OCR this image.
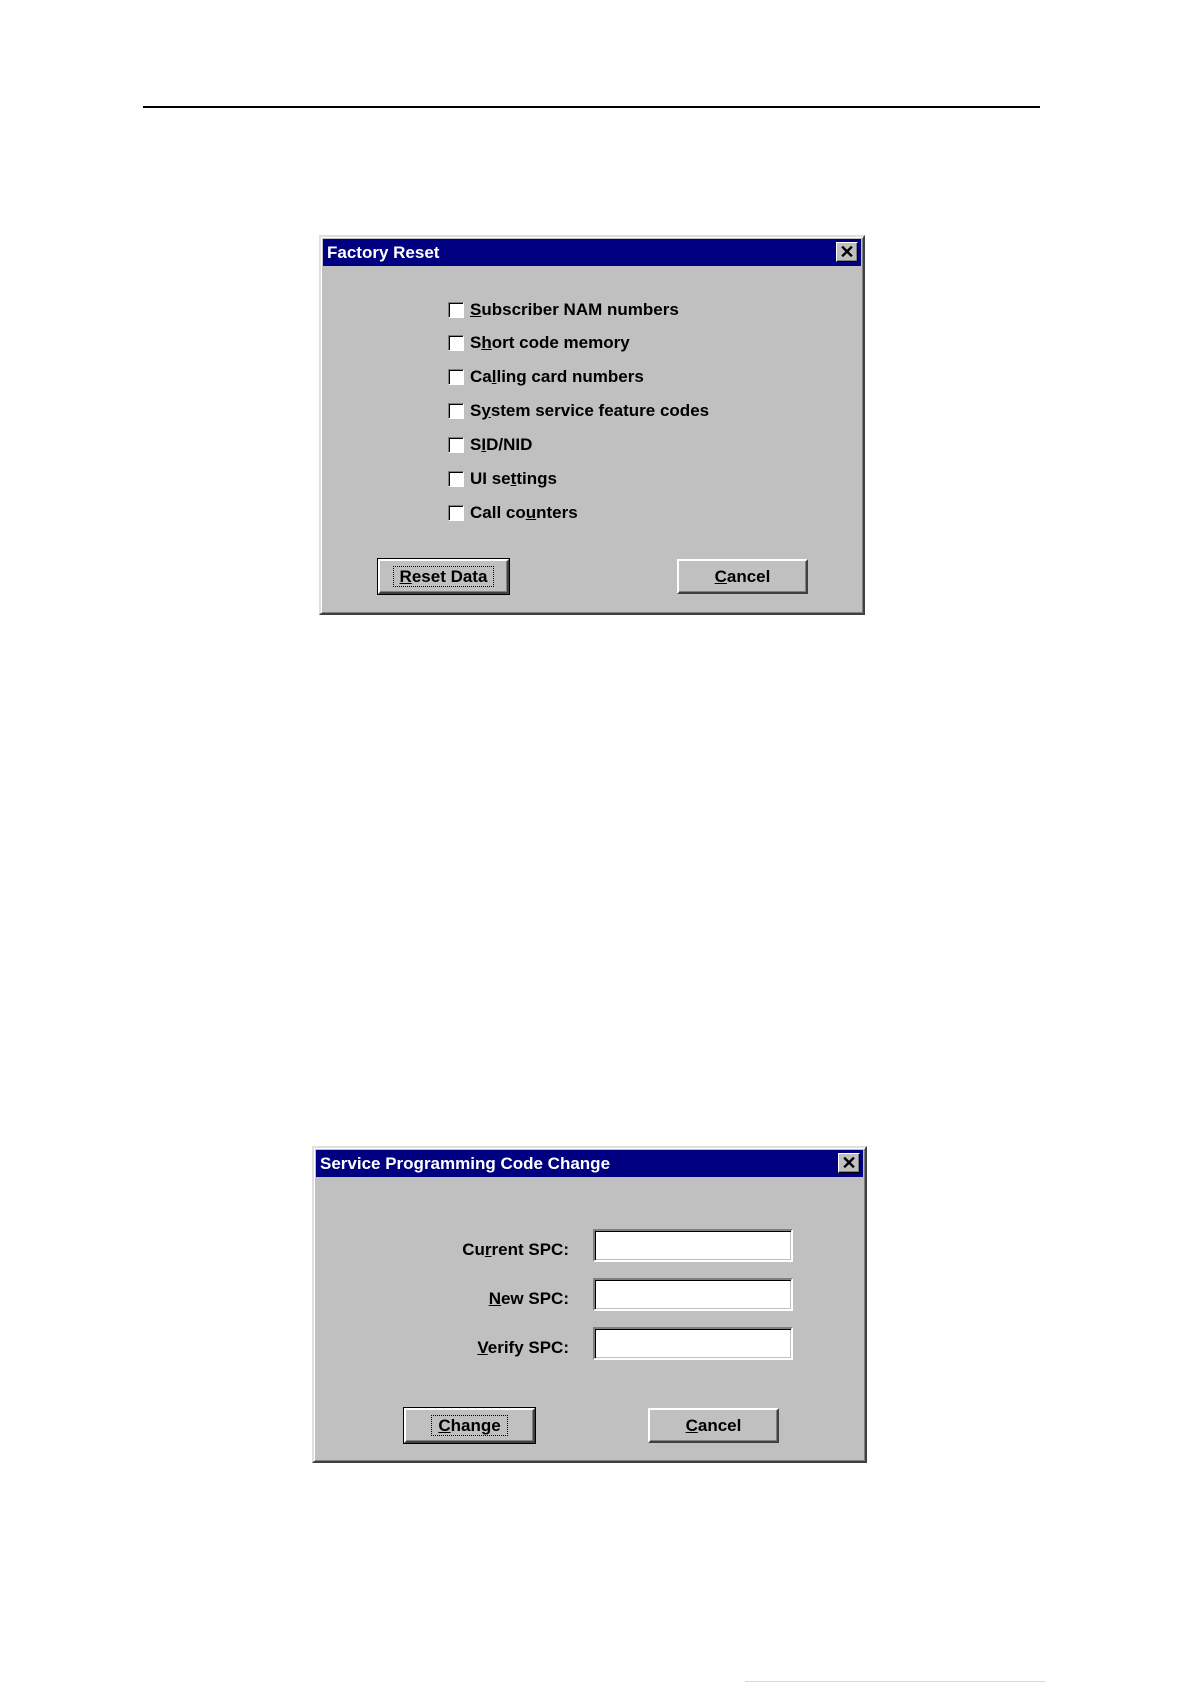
Factory Reset	✕
Subscriber NAM numbers
Short code memory
Calling card numbers
System service feature codes
SID/NID
UI settings
Call counters
Reset Data	Cancel
Service Programming Code Change	✕
Current SPC:
New SPC:
Verify SPC:
Change	Cancel
